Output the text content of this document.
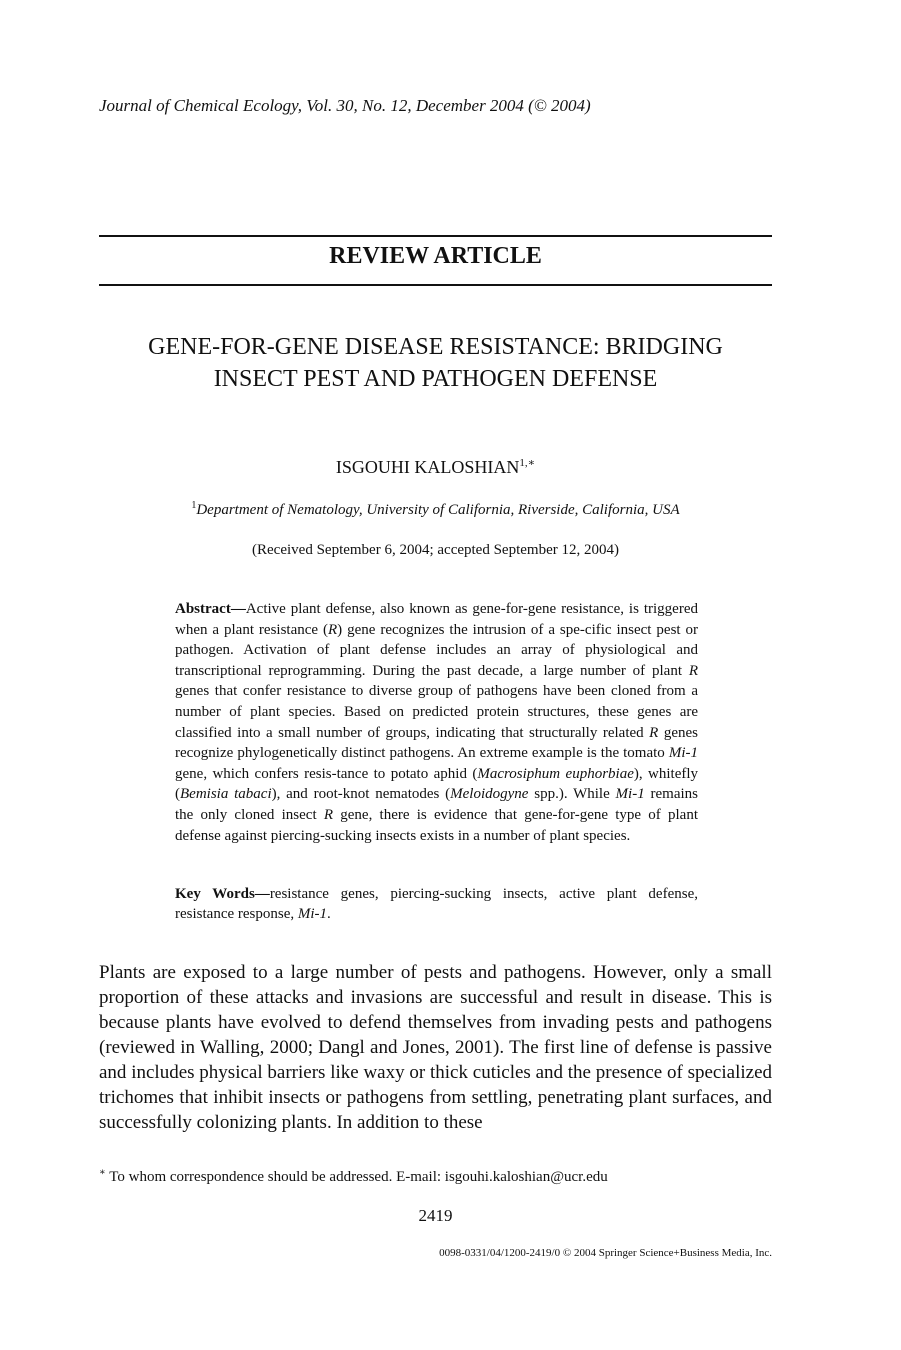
Journal of Chemical Ecology, Vol. 30, No. 12, December 2004 (© 2004)
REVIEW ARTICLE
GENE-FOR-GENE DISEASE RESISTANCE: BRIDGING
INSECT PEST AND PATHOGEN DEFENSE
ISGOUHI $KALOSHIAN^{1,∗}$
$^1$Department of Nematology, University of California, Riverside, California, USA
(Received September 6, 2004; accepted September 12, 2004)
Abstract—Active plant defense, also known as gene-for-gene resistance, is triggered when a plant resistance (R) gene recognizes the intrusion of a spe-cific insect pest or pathogen. Activation of plant defense includes an array of physiological and transcriptional reprogramming. During the past decade, a large number of plant R genes that confer resistance to diverse group of pathogens have been cloned from a number of plant species. Based on predicted protein structures, these genes are classified into a small number of groups, indicating that structurally related R genes recognize phylogenetically distinct pathogens. An extreme example is the tomato Mi-1 gene, which confers resis-tance to potato aphid (Macrosiphum euphorbiae), whitefly (Bemisia tabaci), and root-knot nematodes (Meloidogyne spp.). While Mi-1 remains the only cloned insect R gene, there is evidence that gene-for-gene type of plant defense against piercing-sucking insects exists in a number of plant species.
Key Words—resistance genes, piercing-sucking insects, active plant defense, resistance response, Mi-1.
Plants are exposed to a large number of pests and pathogens. However, only a small proportion of these attacks and invasions are successful and result in disease. This is because plants have evolved to defend themselves from invading pests and pathogens (reviewed in Walling, 2000; Dangl and Jones, 2001). The first line of defense is passive and includes physical barriers like waxy or thick cuticles and the presence of specialized trichomes that inhibit insects or pathogens from settling, penetrating plant surfaces, and successfully colonizing plants. In addition to these
∗ To whom correspondence should be addressed. E-mail: isgouhi.kaloshian@ucr.edu
2419
0098-0331/04/1200-2419/0 © 2004 Springer Science+Business Media, Inc.
